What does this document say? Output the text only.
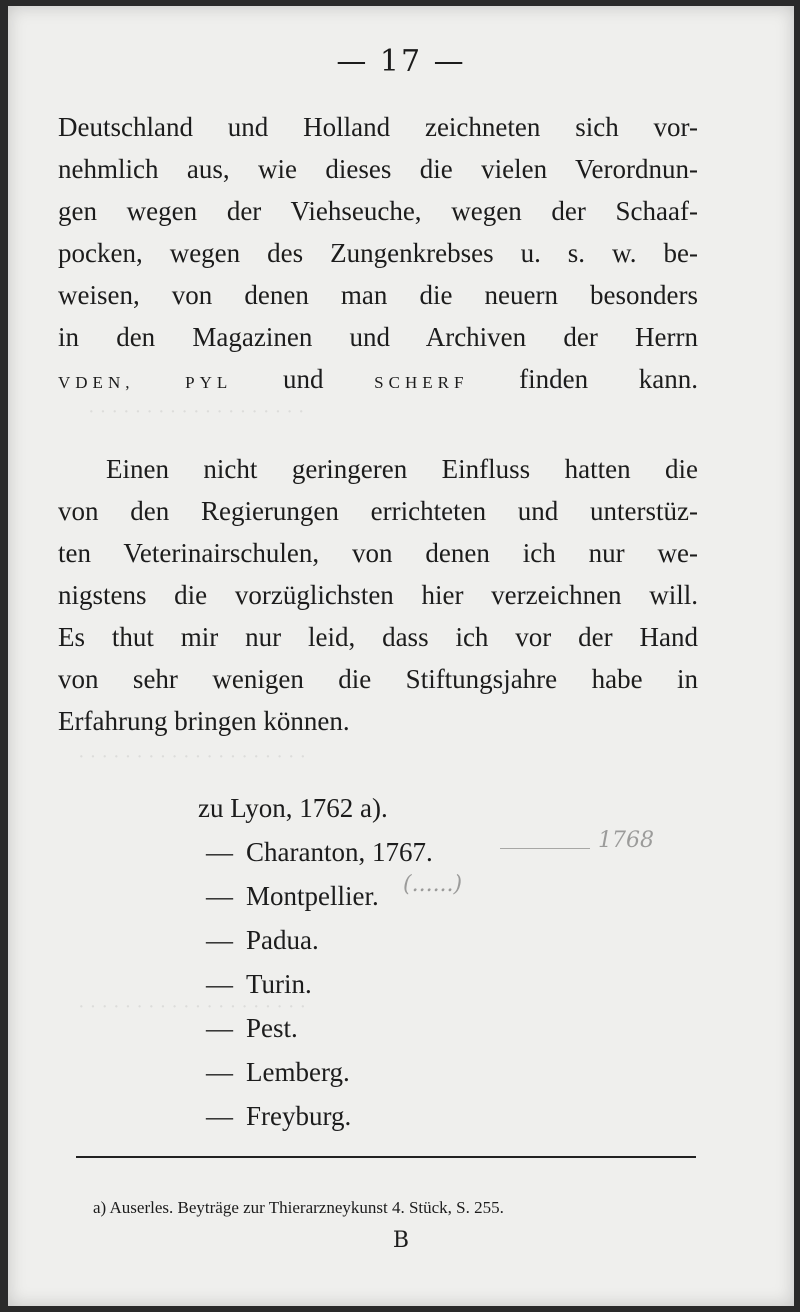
· · · · · · · · · · · · · · · · · · ·
· · · · · · · · · · · · · · · · · · · ·
· · · · · · · · · · · · · · · · · · · ·
— 17 —
Deutschland und Holland zeichneten sich vor-
nehmlich aus, wie dieses die vielen Verordnun-
gen wegen der Viehseuche, wegen der Schaaf-
pocken, wegen des Zungenkrebses u. s. w. be-
weisen, von denen man die neuern besonders
in den Magazinen und Archiven der Herrn
VDEN,	PYL und	SCHERF finden kann.
Einen nicht geringeren Einfluss hatten die
von den Regierungen errichteten und unterstüz-
ten Veterinairschulen, von denen ich nur we-
nigstens die vorzüglichsten hier verzeichnen will.
Es thut mir nur leid, dass ich vor der Hand
von sehr wenigen die Stiftungsjahre habe in
Erfahrung bringen können.
zu Lyon, 1762 a).
— Charanton, 1767.
— Montpellier.
— Padua.
— Turin.
— Pest.
— Lemberg.
— Freyburg.
1768
(......)
a) Auserles. Beyträge zur Thierarzneykunst 4. Stück, S. 255.
B
